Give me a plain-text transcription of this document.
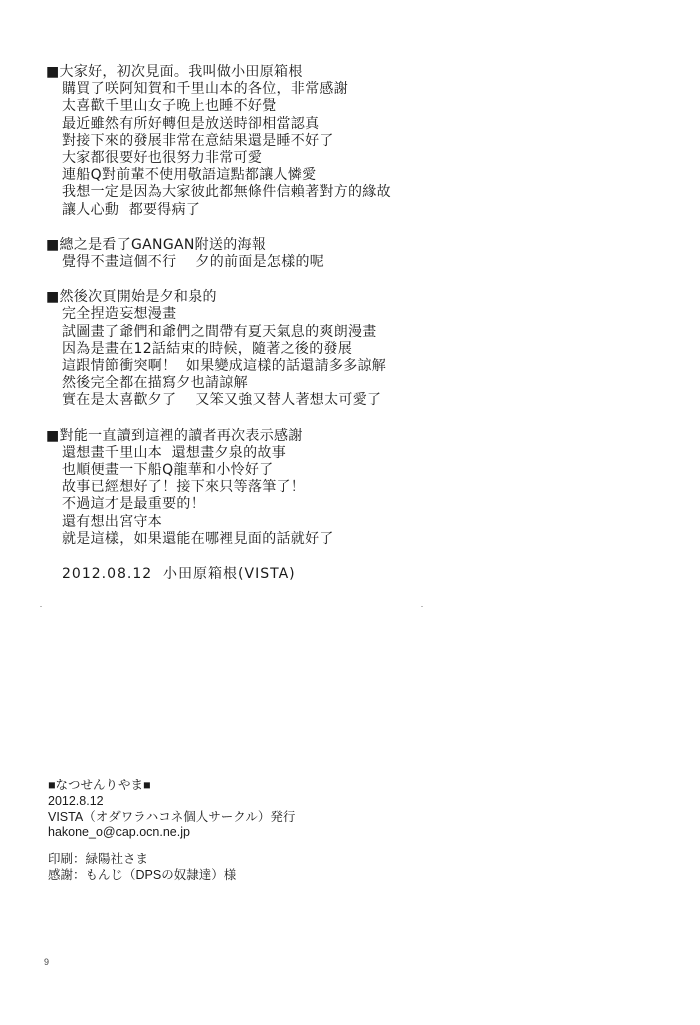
■大家好，初次見面。我叫做小田原箱根
購買了咲阿知賀和千里山本的各位，非常感謝
太喜歡千里山女子晚上也睡不好覺
最近雖然有所好轉但是放送時卻相當認真
對接下來的發展非常在意結果還是睡不好了
大家都很要好也很努力非常可愛
連船Q對前輩不使用敬語這點都讓人憐愛
我想一定是因為大家彼此都無條件信賴著對方的緣故
讓人心動  都要得病了
■總之是看了GANGAN附送的海報
覺得不畫這個不行    夕的前面是怎樣的呢
■然後次頁開始是夕和泉的
完全捏造妄想漫畫
試圖畫了爺們和爺們之間帶有夏天氣息的爽朗漫畫
因為是畫在12話結束的時候，隨著之後的發展
這跟情節衝突啊！  如果變成這樣的話還請多多諒解
然後完全都在描寫夕也請諒解
實在是太喜歡夕了    又笨又強又替人著想太可愛了
■對能一直讀到這裡的讀者再次表示感謝
還想畫千里山本  還想畫夕泉的故事
也順便畫一下船Q龍華和小怜好了
故事已經想好了！接下來只等落筆了！
不過這才是最重要的！
還有想出宮守本
就是這樣，如果還能在哪裡見面的話就好了
2012.08.12  小田原箱根(VISTA)
■なつせんりやま■
2012.8.12
VISTA（オダワラハコネ個人サークル）発行
hakone_o@cap.ocn.ne.jp
印刷：緑陽社さま
感謝：もんじ（DPSの奴隷達）様
9
